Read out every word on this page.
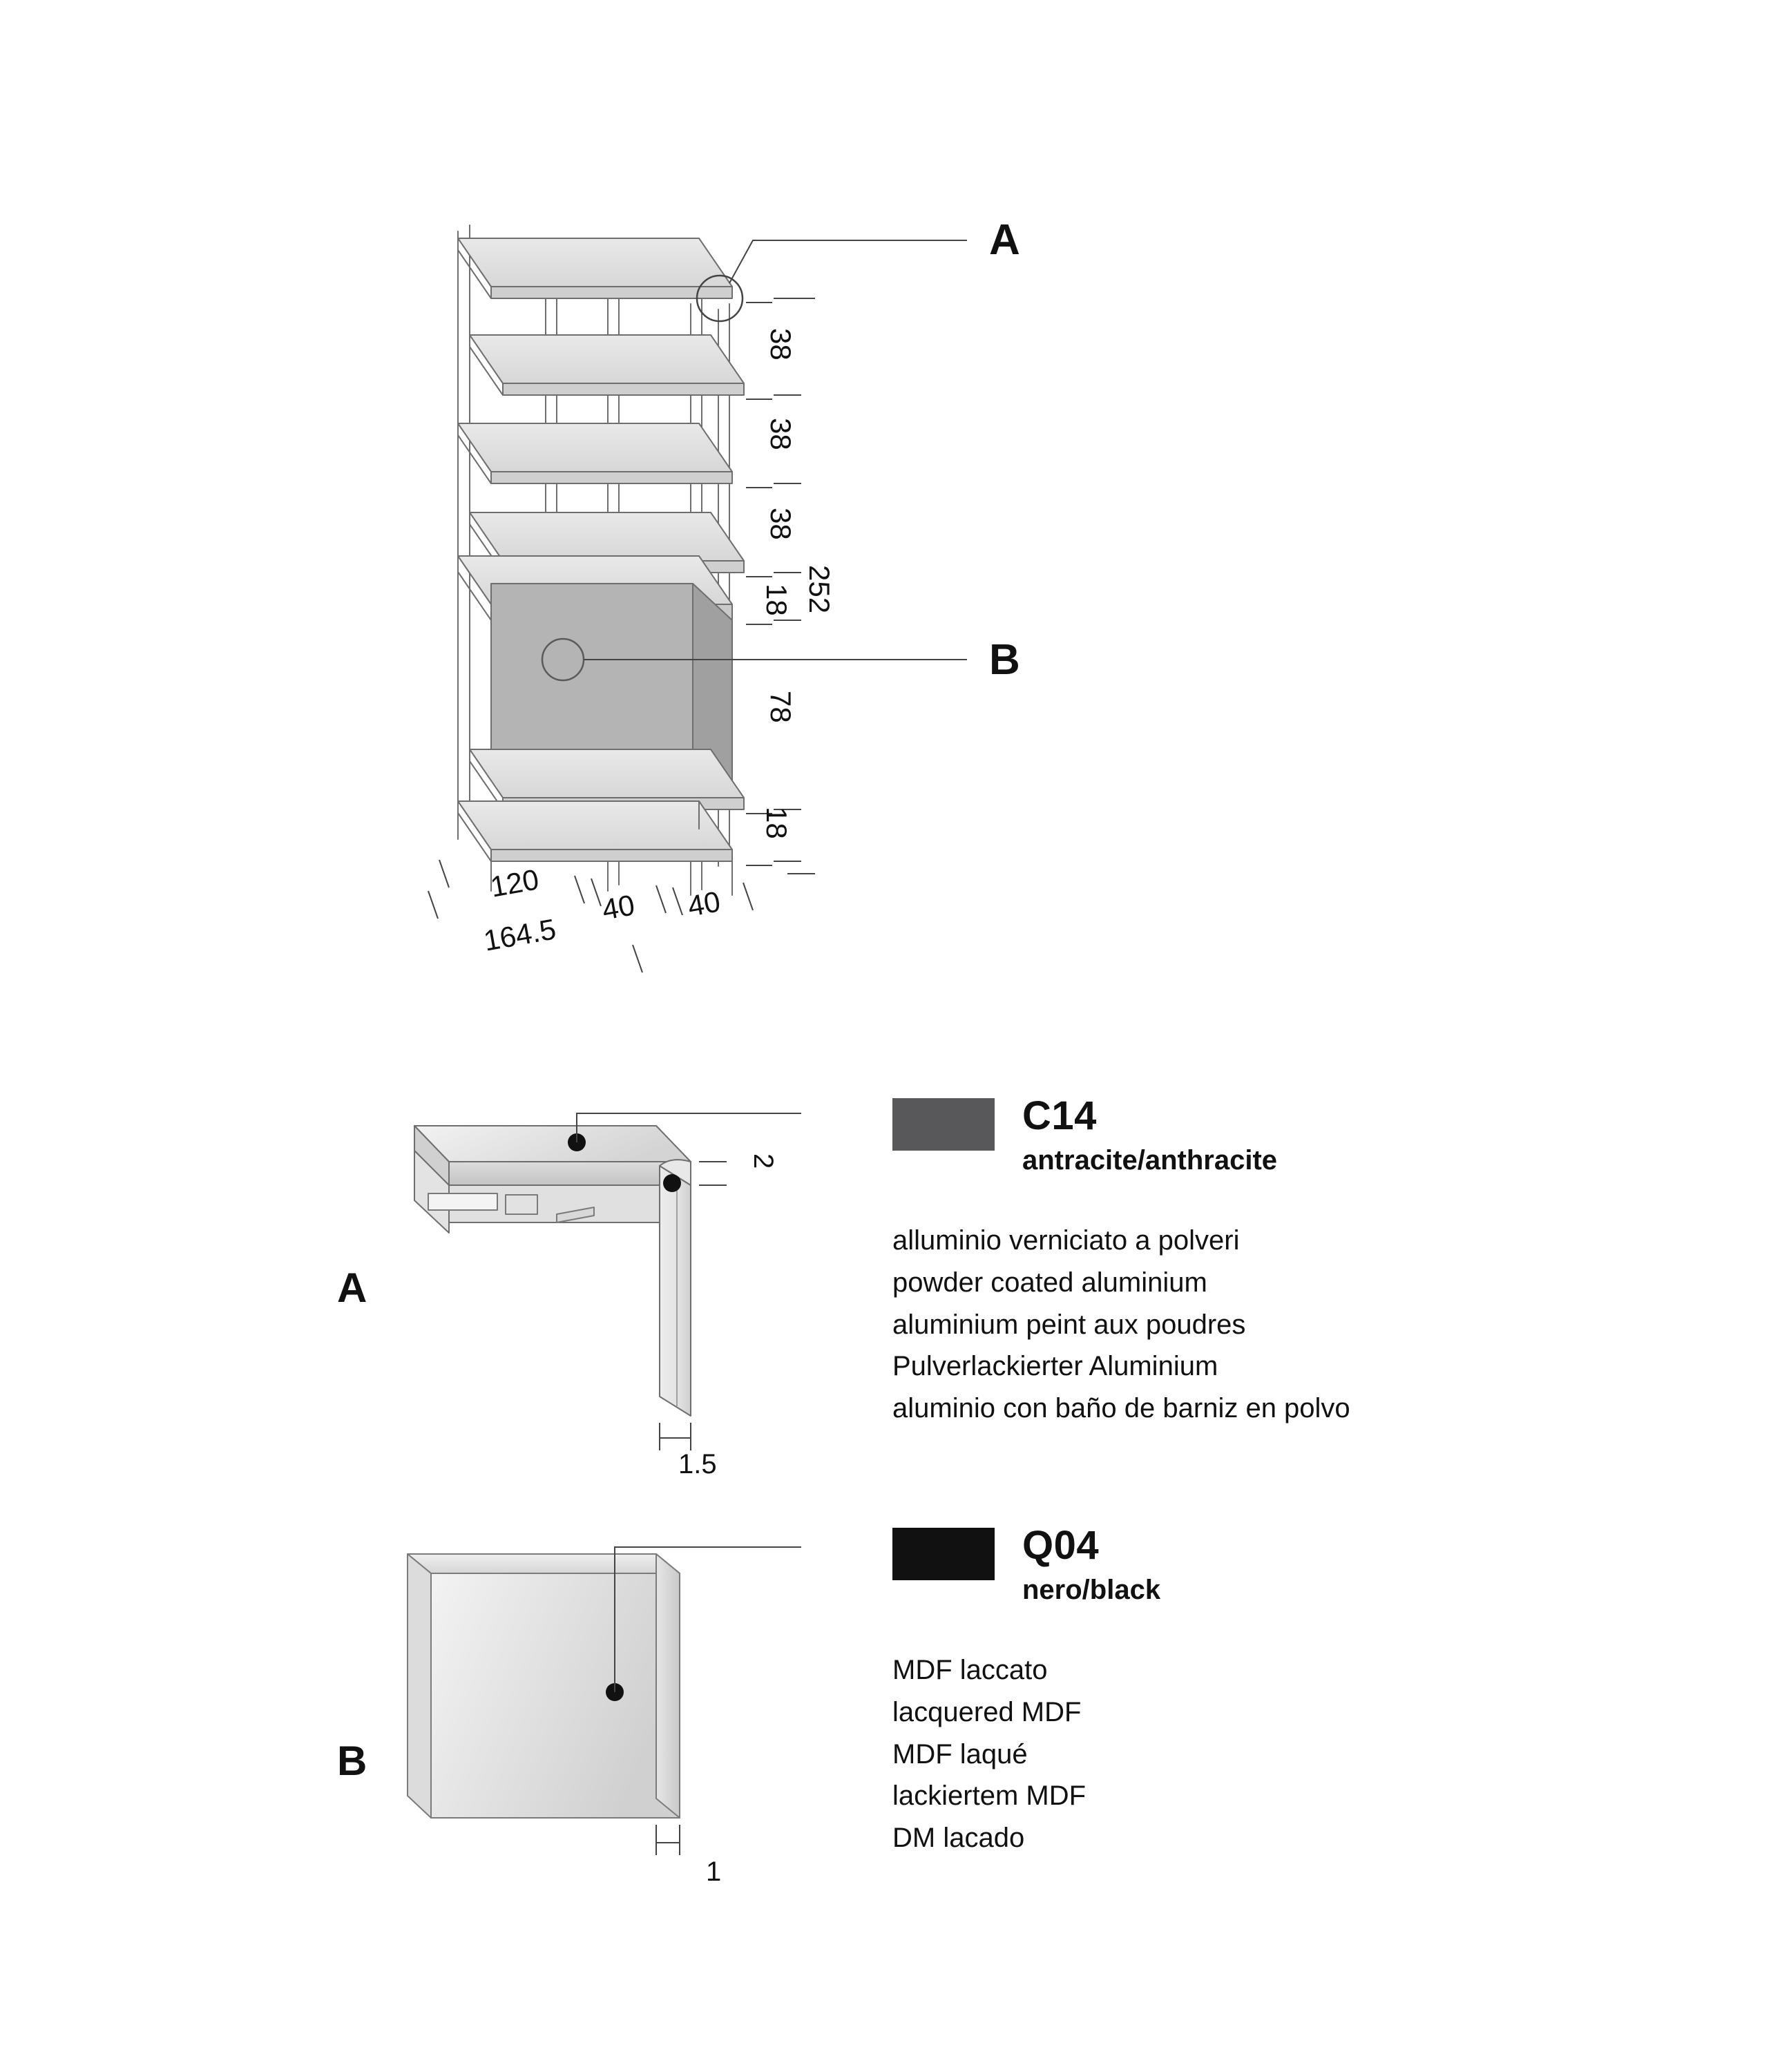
A
B
38
38
38
18 252
78
18
120
40 40
164.5
A
2
1.5
C14
antracite/anthracite
alluminio verniciato a polveri
powder coated aluminium
aluminium peint aux poudres
Pulverlackierter Aluminium
aluminio con baño de barniz en polvo
B
1
Q04
nero/black
MDF laccato
lacquered MDF
MDF laqué
lackiertem MDF
DM lacado
